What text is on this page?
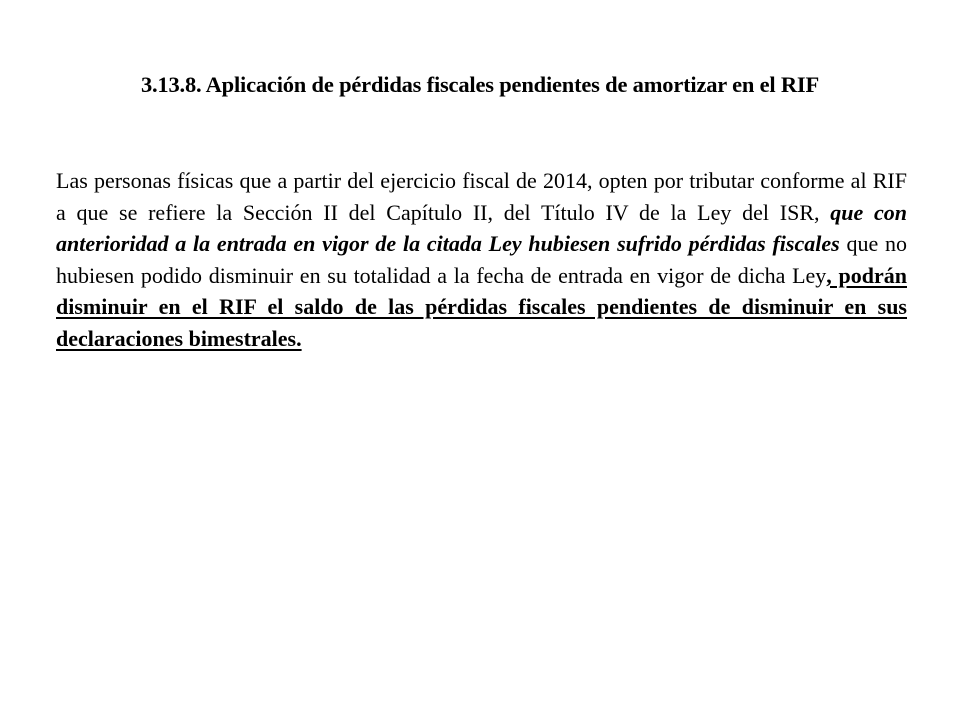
3.13.8. Aplicación de pérdidas fiscales pendientes de amortizar en el RIF

Las personas físicas que a partir del ejercicio fiscal de 2014, opten por tributar conforme al RIF a que se refiere la Sección II del Capítulo II, del Título IV de la Ley del ISR, que con anterioridad a la entrada en vigor de la citada Ley hubiesen sufrido pérdidas fiscales que no hubiesen podido disminuir en su totalidad a la fecha de entrada en vigor de dicha Ley, podrán disminuir en el RIF el saldo de las pérdidas fiscales pendientes de disminuir en sus declaraciones bimestrales.
